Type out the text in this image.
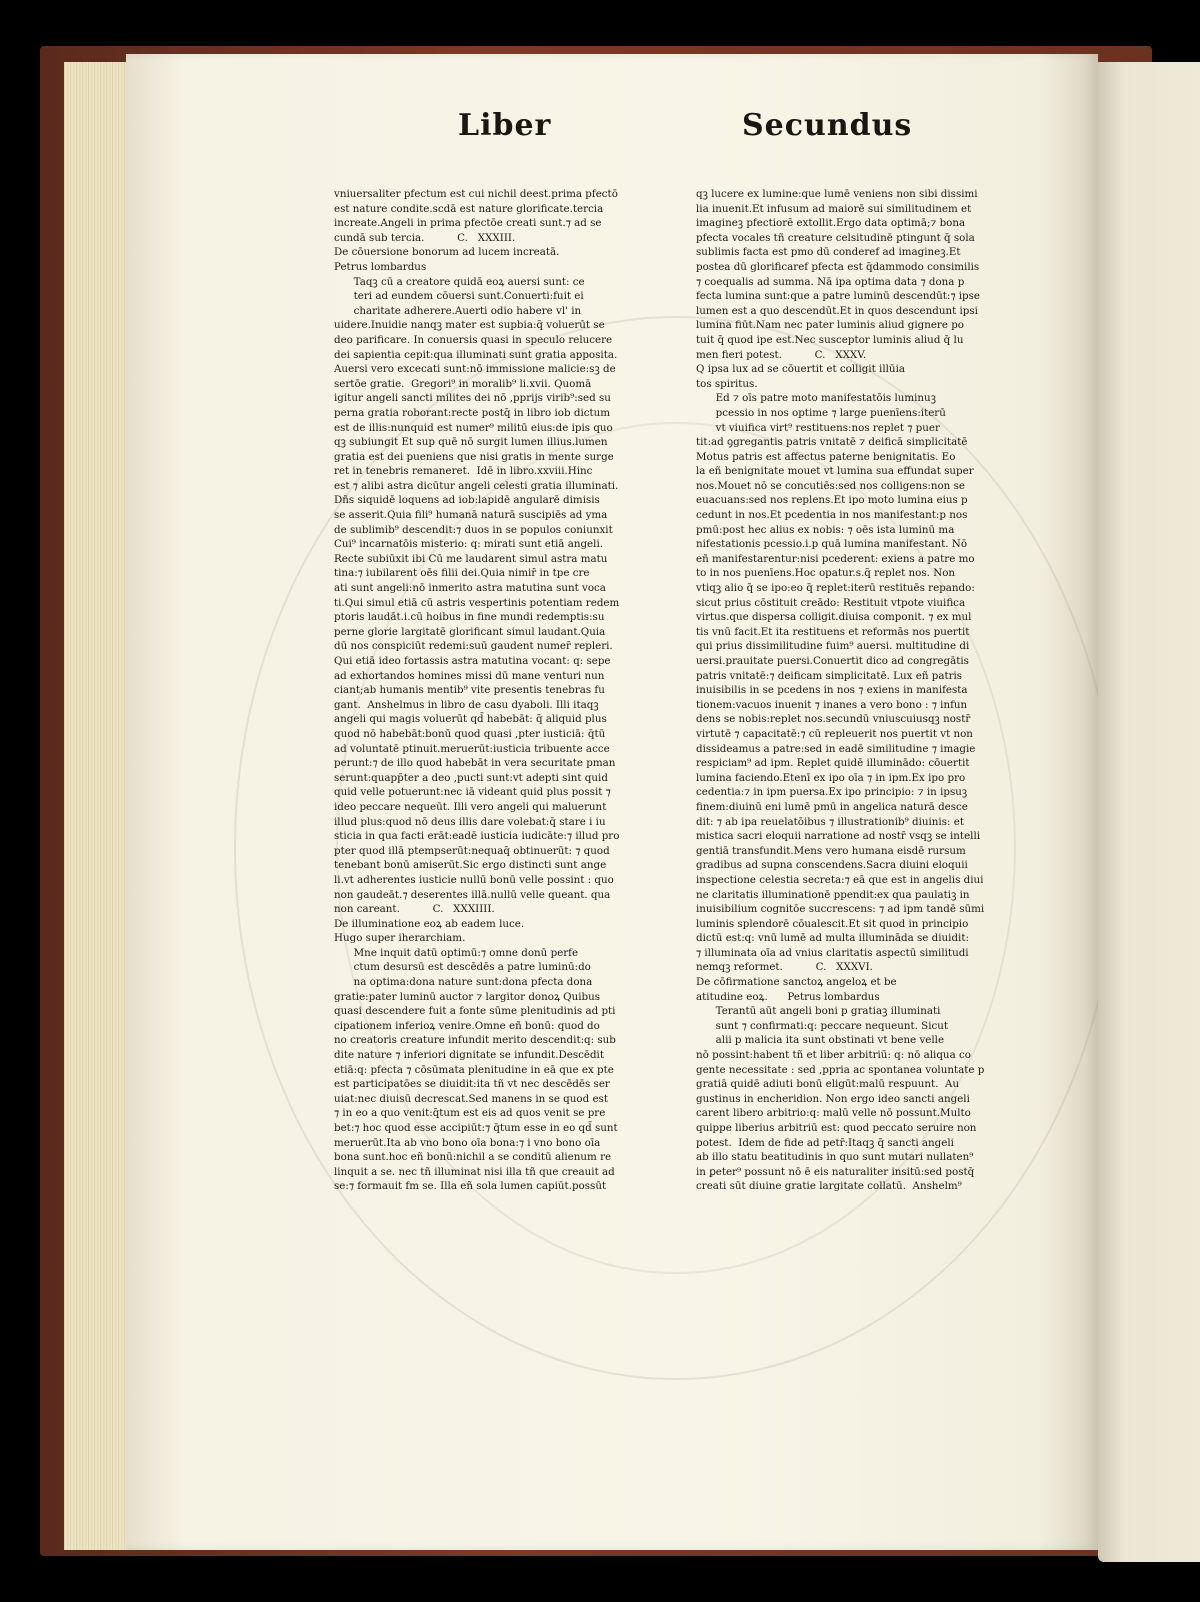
Liber	Secundus
vniuersaliter pfectum est cui nichil deest.prima pfectō
est nature condite.scdā est nature glorificate.tercia
increate.Angeli in prima pfectōe creati sunt.⁊ ad se
cundā sub tercia.          C.   XXXIII.
De cōuersione bonorum ad lucem increatā.
Petrus lombardus
Taqꝫ cū a creatore quidā eoꝝ auersi sunt: ce
teri ad eundem cōuersi sunt.Conuerti:fuit ei
charitate adherere.Auerti odio habere vl' in
uidere.Inuidie nanqꝫ mater est supbia:q̄ voluerūt se
deo parificare. In conuersis quasi in speculo relucere
dei sapientia cepit:qua illuminati sunt gratia apposita.
Auersi vero excecati sunt:nō immissione malicie:sꝫ de
sertōe gratie.  Gregori⁹ in moralib⁹ li.xvii. Quomā
igitur angeli sancti milites dei nō ,pprijs virib⁹:sed su
perna gratia roborant:recte postq̄ in libro iob dictum
est de illis:nunquid est numer⁹ militū eius:de ipis quo
qꝫ subiungit Et sup quē nō surgit lumen illius.lumen
gratia est dei pueniens que nisi gratis in mente surge
ret in tenebris remaneret.  Idē in libro.xxviii.Hinc
est ⁊ alibi astra dicūtur angeli celesti gratia illuminati.
Dñs siquidē loquens ad iob:lapidē angularē dimisis
se asserit.Quia fili⁹ humanā naturā suscipiēs ad yma
de sublimib⁹ descendit:⁊ duos in se populos coniunxit
Cui⁹ incarnatōis misterio: q: mirati sunt etiā angeli.
Recte subiūxit ibi Cū me laudarent simul astra matu
tina:⁊ iubilarent oēs filii dei.Quia nimir̄ in tpe cre
ati sunt angeli:nō inmerito astra matutina sunt voca
ti.Qui simul etiā cū astris vespertinis potentiam redem
ptoris laudāt.i.cū hoibus in fine mundi redemptis:su
perne glorie largitatē glorificant simul laudant.Quia
dū nos conspiciūt redemi:suū gaudent numer̄ repleri.
Qui etiā ideo fortassis astra matutina vocant: q: sepe
ad exhortandos homines missi dū mane venturi nun
ciant;ab humanis mentib⁹ vite presentis tenebras fu
gant.  Anshelmus in libro de casu dyaboli. Illi itaqꝫ
angeli qui magis voluerūt qd̄ habebāt: q̄ aliquid plus
quod nō habebāt:bonū quod quasi ,pter iusticiā: q̄tū
ad voluntatē ptinuit.meruerūt:iusticia tribuente acce
perunt:⁊ de illo quod habebāt in vera securitate pman
serunt:quapp̄ter a deo ,pucti sunt:vt adepti sint quid
quid velle potuerunt:nec iā videant quid plus possit ⁊
ideo peccare nequeūt. Illi vero angeli qui maluerunt
illud plus:quod nō deus illis dare volebat:q̄ stare i iu
sticia in qua facti erāt:eadē iusticia iudicāte:⁊ illud pro
pter quod illā ptempserūt:nequaq̄ obtinuerūt: ⁊ quod
tenebant bonū amiserūt.Sic ergo distincti sunt ange
li.vt adherentes iusticie nullū bonū velle possint : quo
non gaudeāt.⁊ deserentes illā.nullū velle queant. qua
non careant.          C.   XXXIIII.
De illuminatione eoꝝ ab eadem luce.
Hugo super iherarchiam.
Mne inquit datū optimū:⁊ omne donū perfe
ctum desursū est descēdēs a patre luminū:do
na optima:dona nature sunt:dona pfecta dona
gratie:pater luminū auctor ⁊ largitor donoꝝ Quibus
quasi descendere fuit a fonte sūme plenitudinis ad pti
cipationem inferioꝝ venire.Omne eñ bonū: quod do
no creatoris creature infundit merito descendit:q: sub
dite nature ⁊ inferiori dignitate se infundit.Descēdit
etiā:q: pfecta ⁊ cōsūmata plenitudine in eā que ex pte
est participatōes se diuidit:ita tñ vt nec descēdēs ser
uiat:nec diuisū decrescat.Sed manens in se quod est
⁊ in eo a quo venit:q̄tum est eis ad quos venit se pre
bet:⁊ hoc quod esse accipiūt:⁊ q̄tum esse in eo qd̄ sunt
meruerūt.Ita ab vno bono oīa bona:⁊ i vno bono oīa
bona sunt.hoc eñ bonū:nichil a se conditū alienum re
linquit a se. nec tñ illuminat nisi illa tñ que creauit ad
se:⁊ formauit fm se. Illa eñ sola lumen capiūt.possūt
qꝫ lucere ex lumine:que lumē veniens non sibi dissimi
lia inuenit.Et infusum ad maiorē sui similitudinem et
imagineꝫ pfectiorē extollit.Ergo data optimā;⁊ bona
pfecta vocales tñ creature celsitudinē ptingunt q̄ sola
sublimis facta est pmo dū conderef ad imagineꝫ.Et
postea dū glorificaref pfecta est q̄dammodo consimilis
⁊ coequalis ad summa. Nā ipa optima data ⁊ dona p
fecta lumina sunt:que a patre luminū descendūt:⁊ ipse
lumen est a quo descendūt.Et in quos descendunt ipsi
lumina fiūt.Nam nec pater luminis aliud gignere po
tuit q̄ quod ipe est.Nec susceptor luminis aliud q̄ lu
men fieri potest.          C.   XXXV.
Q ipsa lux ad se cōuertit et colligit illūia
tos spiritus.
Ed ⁊ oīs patre moto manifestatōis luminuꝫ
pcessio in nos optime ⁊ large puenīens:iterū
vt viuifica virt⁹ restituens:nos replet ⁊ puer
tit:ad ꝯgregantis patris vnitatē ⁊ deificā simplicitatē
Motus patris est affectus paterne benignitatis. Eo
la eñ benignitate mouet vt lumina sua effundat super
nos.Mouet nō se concutiēs:sed nos colligens:non se
euacuans:sed nos replens.Et ipo moto lumina eius p
cedunt in nos.Et pcedentia in nos manifestant:p nos
pmū:post hec alius ex nobis: ⁊ oēs ista luminū ma
nifestationis pcessio.i.p quā lumina manifestant. Nō
eñ manifestarentur:nisi pcederent: exiens a patre mo
to in nos puenīens.Hoc opatur.s.q̄ replet nos. Non
vtiqꝫ alio q̄ se ipo:eo q̄ replet:iterū restituēs repando:
sicut prius cōstituit creādo: Restituit vtpote viuifica
virtus.que dispersa colligit.diuisa componit. ⁊ ex mul
tis vnū facit.Et ita restituens et reformās nos puertit
qui prius dissimilitudine fuim⁹ auersi. multitudine di
uersi.prauitate puersi.Conuertit dico ad congregātis
patris vnitatē:⁊ deificam simplicitatē. Lux eñ patris
inuisibilis in se pcedens in nos ⁊ exiens in manifesta
tionem:vacuos inuenit ⁊ inanes a vero bono : ⁊ infun
dens se nobis:replet nos.secundū vniuscuiusqꝫ nostr̄
virtutē ⁊ capacitatē:⁊ cū repleuerit nos puertit vt non
dissideamus a patre:sed in eadē similitudine ⁊ imagie
respiciam⁹ ad ipm. Replet quidē illuminādo: cōuertit
lumina faciendo.Etenī ex ipo oīa ⁊ in ipm.Ex ipo pro
cedentia:⁊ in ipm puersa.Ex ipo principio: ⁊ in ipsuꝫ
finem:diuinū eni lumē pmū in angelica naturā desce
dit: ⁊ ab ipa reuelatōibus ⁊ illustrationib⁹ diuinis: et
mistica sacri eloquii narratione ad nostr̄ vsqꝫ se intelli
gentiā transfundit.Mens vero humana eisdē rursum
gradibus ad supna conscendens.Sacra diuini eloquii
inspectione celestia secreta:⁊ eā que est in angelis diui
ne claritatis illuminationē ppendit:ex qua paulatiꝫ in
inuisibilium cognitōe succrescens: ⁊ ad ipm tandē sūmi
luminis splendorē cōualescit.Et sit quod in principio
dictū est:q: vnū lumē ad multa illumināda se diuidit:
⁊ illuminata oīa ad vnius claritatis aspectū similitudi
nemqꝫ reformet.          C.   XXXVI.
De cōfirmatione sanctoꝝ angeloꝝ et be
atitudine eoꝝ.      Petrus lombardus
Terantū aūt angeli boni p gratiaꝫ illuminati
sunt ⁊ confirmati:q: peccare nequeunt. Sicut
alii p malicia ita sunt obstinati vt bene velle
nō possint:habent tñ et liber arbitriū: q: nō aliqua co
gente necessitate : sed ,ppria ac spontanea voluntate p
gratiā quidē adiuti bonū eligūt:malū respuunt.  Au
gustinus in encheridion. Non ergo ideo sancti angeli
carent libero arbitrio:q: malū velle nō possunt.Multo
quippe liberius arbitriū est: quod peccato seruire non
potest.  Idem de fide ad petr̄:Itaqꝫ q̄ sancti angeli
ab illo statu beatitudinis in quo sunt mutari nullaten⁹
in ꝑeter⁹ possunt nō ē eis naturaliter insitū:sed postq̄
creati sūt diuine gratie largitate collatū.  Anshelm⁹
